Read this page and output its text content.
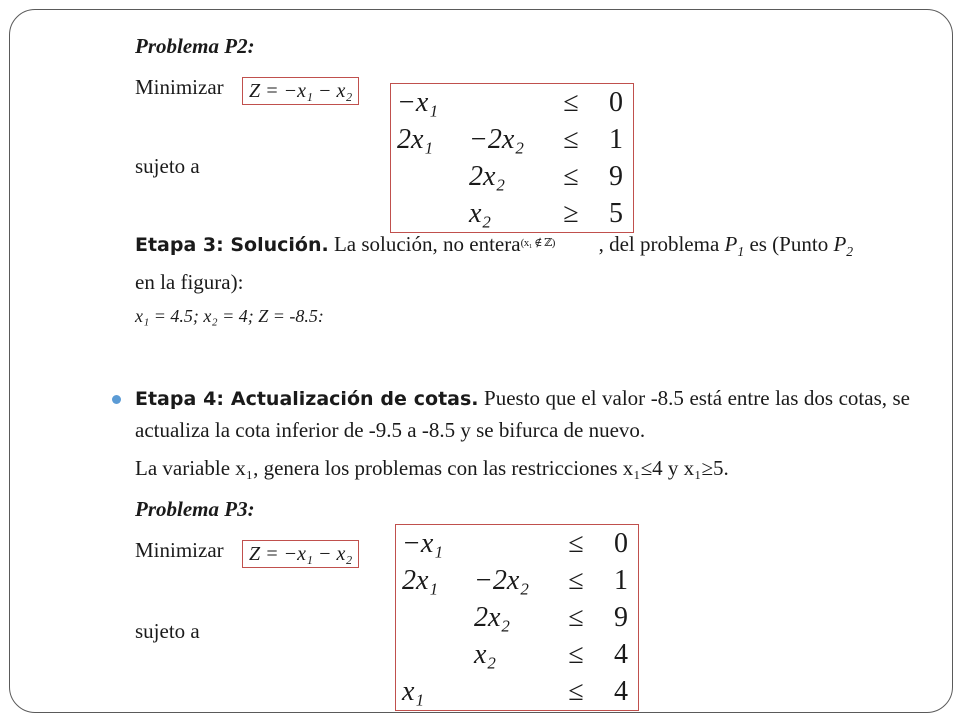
Problema P2:
Minimizar	Z = −x₁ − x₂
sujeto a
−x₁		≤	0
2x₁	−2x₂	≤	1
	2x₂	≤	9
	x₂	≥	5
Etapa 3: Solución. La solución, no entera(x₁ ∉ ℤ) , del problema $P_1$ es (Punto $P_2$
en la figura):
x₁ = 4.5; x₂ = 4; Z = -8.5:
Etapa 4: Actualización de cotas. Puesto que el valor -8.5 está entre las dos cotas, se actualiza la cota inferior de -9.5 a -8.5 y se bifurca de nuevo.
La variable x₁, genera los problemas con las restricciones x₁≤4 y x₁≥5.
Problema P3:
Minimizar	Z = −x₁ − x₂
sujeto a
−x₁		≤	0
2x₁	−2x₂	≤	1
	2x₂	≤	9
	x₂	≤	4
x₁		≤	4
